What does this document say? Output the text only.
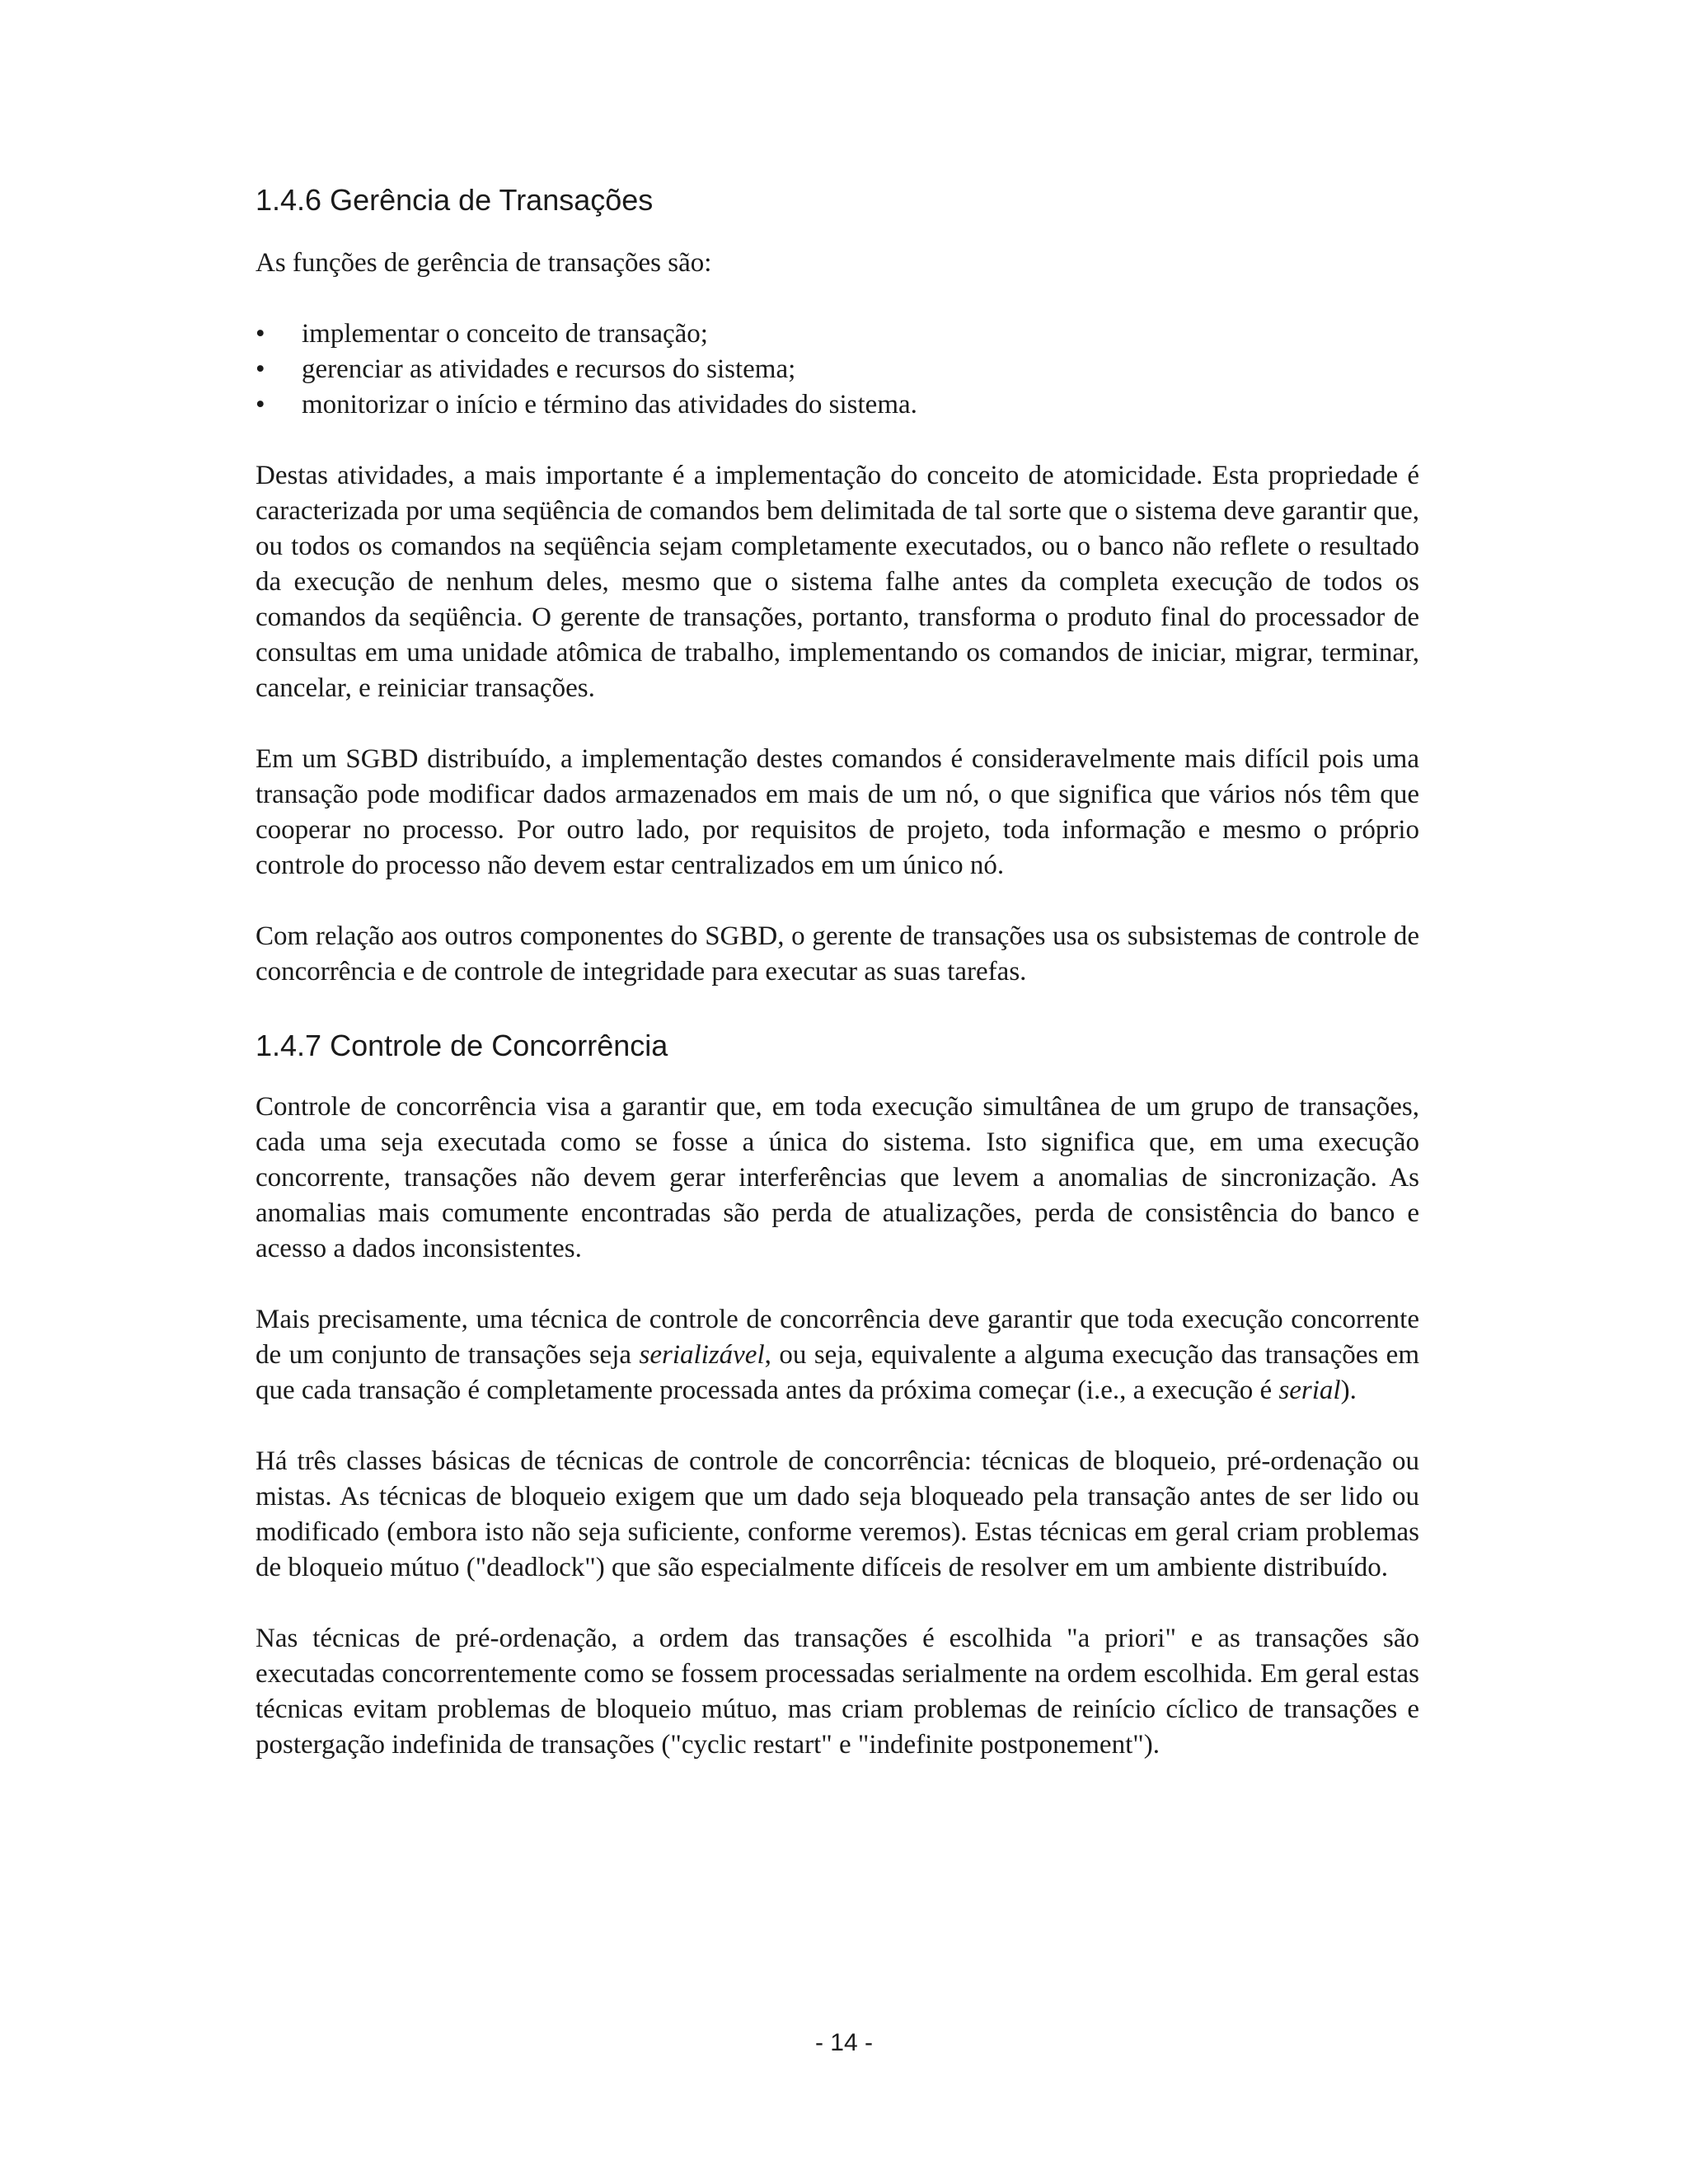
1.4.6 Gerência de Transações

As funções de gerência de transações são:

• implementar o conceito de transação;
• gerenciar as atividades e recursos do sistema;
• monitorizar o início e término das atividades do sistema.

Destas atividades, a mais importante é a implementação do conceito de atomicidade. Esta propriedade é caracterizada por uma seqüência de comandos bem delimitada de tal sorte que o sistema deve garantir que, ou todos os comandos na seqüência sejam completamente executados, ou o banco não reflete o resultado da execução de nenhum deles, mesmo que o sistema falhe antes da completa execução de todos os comandos da seqüência. O gerente de transações, portanto, transforma o produto final do processador de consultas em uma unidade atômica de trabalho, implementando os comandos de iniciar, migrar, terminar, cancelar, e reiniciar transações.

Em um SGBD distribuído, a implementação destes comandos é consideravelmente mais difícil pois uma transação pode modificar dados armazenados em mais de um nó, o que significa que vários nós têm que cooperar no processo. Por outro lado, por requisitos de projeto, toda informação e mesmo o próprio controle do processo não devem estar centralizados em um único nó.

Com relação aos outros componentes do SGBD, o gerente de transações usa os subsistemas de controle de concorrência e de controle de integridade para executar as suas tarefas.

1.4.7 Controle de Concorrência

Controle de concorrência visa a garantir que, em toda execução simultânea de um grupo de transações, cada uma seja executada como se fosse a única do sistema. Isto significa que, em uma execução concorrente, transações não devem gerar interferências que levem a anomalias de sincronização. As anomalias mais comumente encontradas são perda de atualizações, perda de consistência do banco e acesso a dados inconsistentes.

Mais precisamente, uma técnica de controle de concorrência deve garantir que toda execução concorrente de um conjunto de transações seja serializável, ou seja, equivalente a alguma execução das transações em que cada transação é completamente processada antes da próxima começar (i.e., a execução é serial).

Há três classes básicas de técnicas de controle de concorrência: técnicas de bloqueio, pré-ordenação ou mistas. As técnicas de bloqueio exigem que um dado seja bloqueado pela transação antes de ser lido ou modificado (embora isto não seja suficiente, conforme veremos). Estas técnicas em geral criam problemas de bloqueio mútuo ("deadlock") que são especialmente difíceis de resolver em um ambiente distribuído.

Nas técnicas de pré-ordenação, a ordem das transações é escolhida "a priori" e as transações são executadas concorrentemente como se fossem processadas serialmente na ordem escolhida. Em geral estas técnicas evitam problemas de bloqueio mútuo, mas criam problemas de reinício cíclico de transações e postergação indefinida de transações ("cyclic restart" e "indefinite postponement").

- 14 -
